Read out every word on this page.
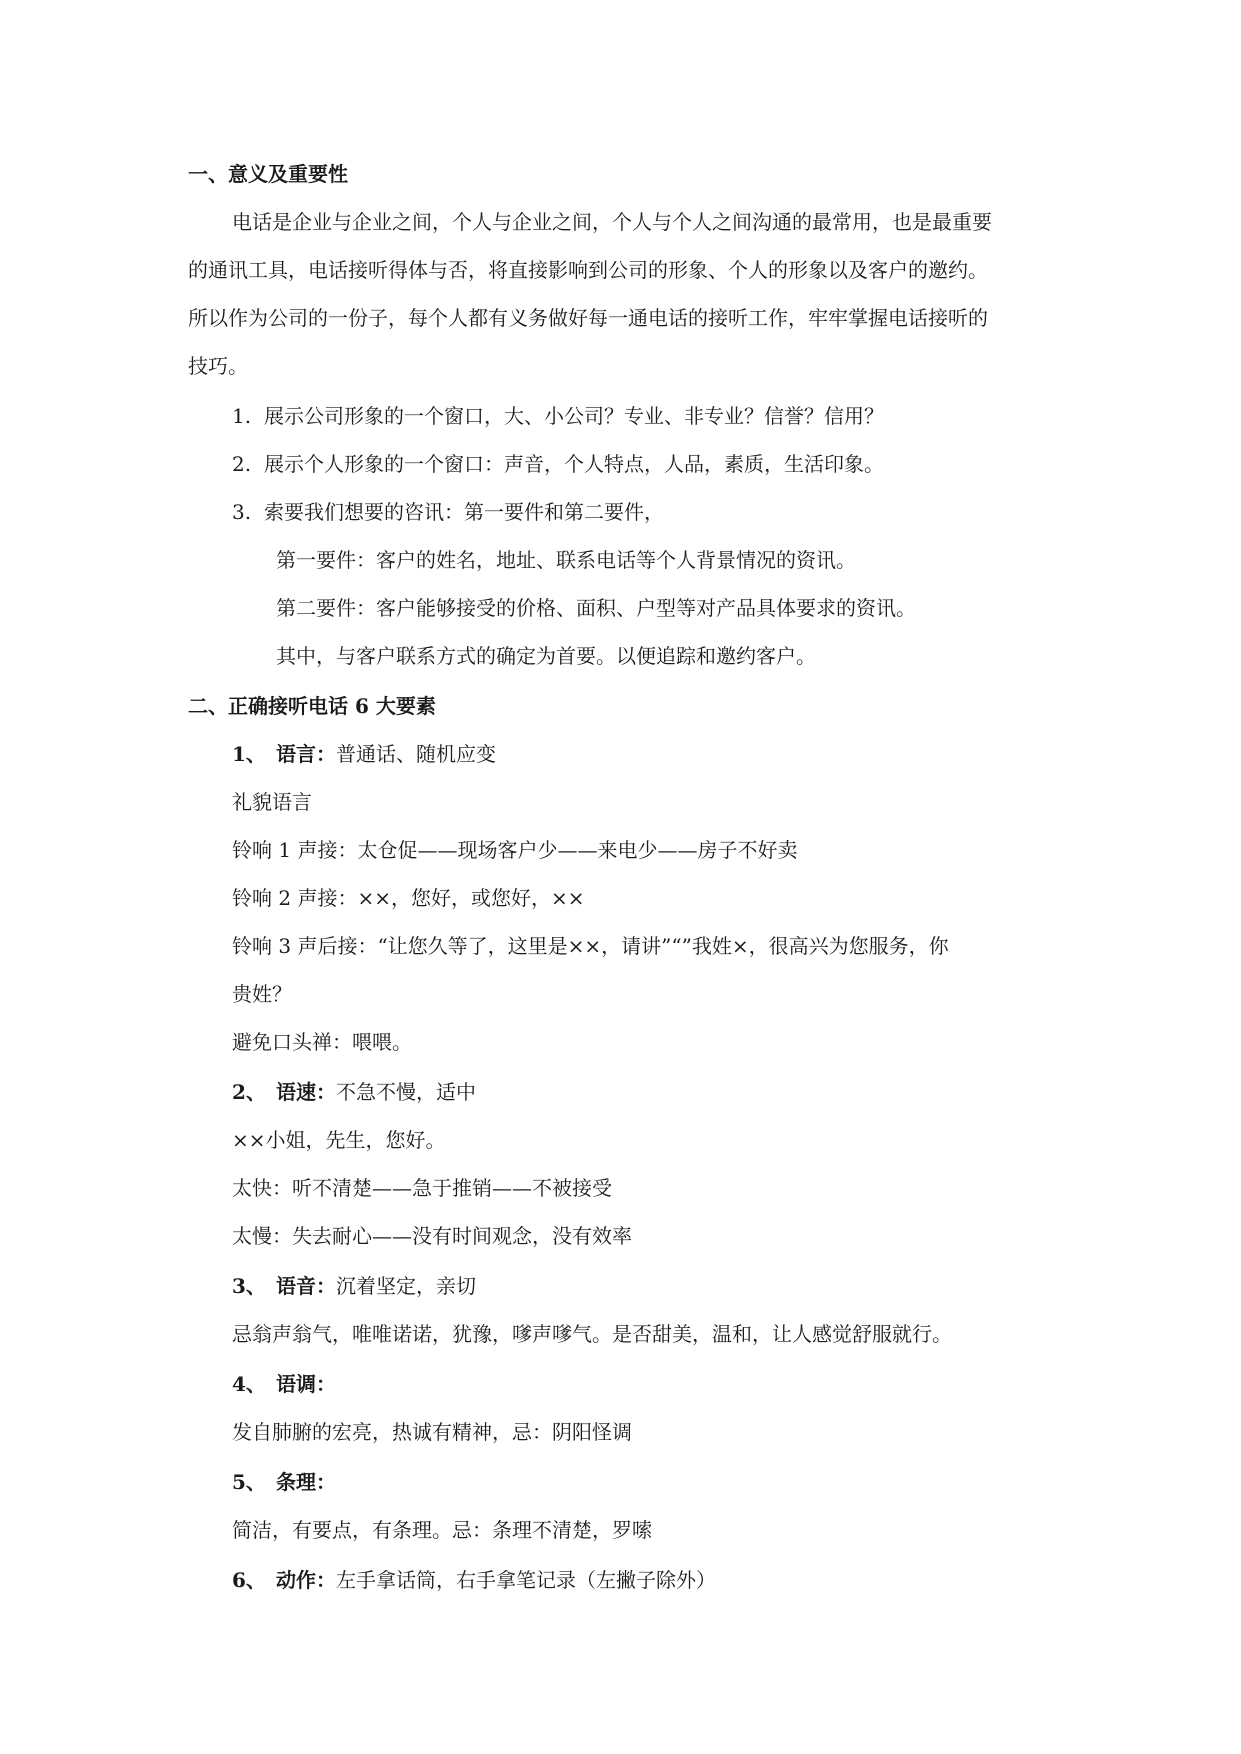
一、意义及重要性
电话是企业与企业之间，个人与企业之间，个人与个人之间沟通的最常用，也是最重要
的通讯工具，电话接听得体与否，将直接影响到公司的形象、个人的形象以及客户的邀约。
所以作为公司的一份子，每个人都有义务做好每一通电话的接听工作，牢牢掌握电话接听的
技巧。
1. 展示公司形象的一个窗口，大、小公司？专业、非专业？信誉？信用？
2. 展示个人形象的一个窗口：声音，个人特点，人品，素质，生活印象。
3. 索要我们想要的咨讯：第一要件和第二要件，
第一要件：客户的姓名，地址、联系电话等个人背景情况的资讯。
第二要件：客户能够接受的价格、面积、户型等对产品具体要求的资讯。
其中，与客户联系方式的确定为首要。以便追踪和邀约客户。
二、正确接听电话 6 大要素
1、 语言：普通话、随机应变
礼貌语言
铃响 1 声接：太仓促——现场客户少——来电少——房子不好卖
铃响 2 声接：××，您好，或您好，××
铃响 3 声后接：“让您久等了，这里是××，请讲”“”我姓×，很高兴为您服务，你
贵姓？
避免口头禅：喂喂。
2、 语速：不急不慢，适中
××小姐，先生，您好。
太快：听不清楚——急于推销——不被接受
太慢：失去耐心——没有时间观念，没有效率
3、 语音：沉着坚定，亲切
忌翁声翁气，唯唯诺诺，犹豫，嗲声嗲气。是否甜美，温和，让人感觉舒服就行。
4、 语调：
发自肺腑的宏亮，热诚有精神，忌：阴阳怪调
5、 条理：
简洁，有要点，有条理。忌：条理不清楚，罗嗦
6、 动作：左手拿话筒，右手拿笔记录（左撇子除外）
